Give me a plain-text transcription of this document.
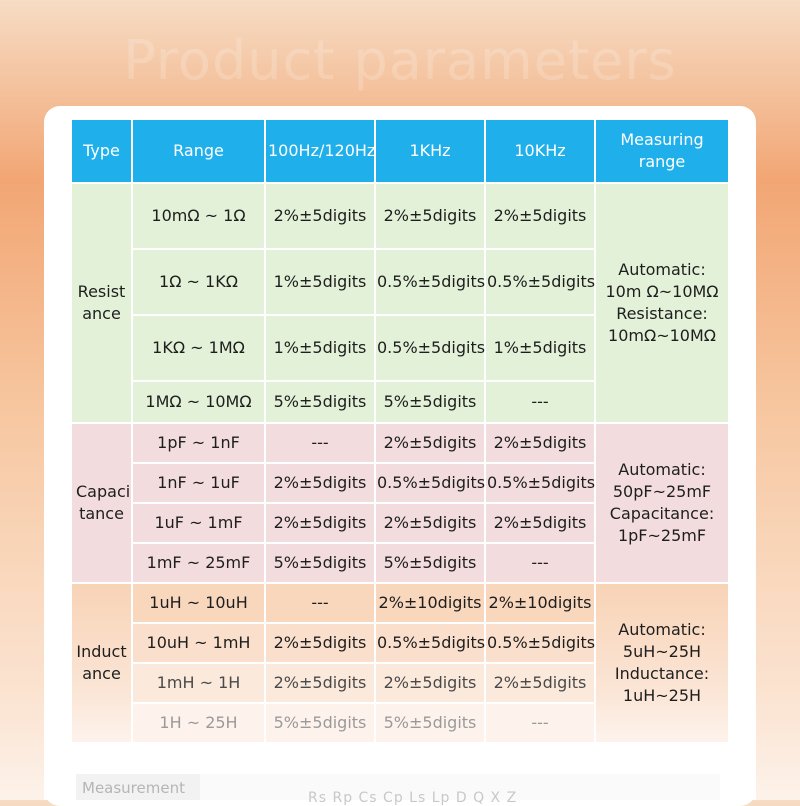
Product parameters
Type	Range	100Hz/120Hz	1KHz	10KHz	Measuring range
Resist ance	10mΩ ~ 1Ω	2%±5digits	2%±5digits	2%±5digits	Automatic: 10m Ω~10MΩ Resistance: 10mΩ~10MΩ
	1Ω ~ 1KΩ	1%±5digits	0.5%±5digits	0.5%±5digits	
	1KΩ ~ 1MΩ	1%±5digits	0.5%±5digits	1%±5digits	
	1MΩ ~ 10MΩ	5%±5digits	5%±5digits	---	
Capaci tance	1pF ~ 1nF	---	2%±5digits	2%±5digits	Automatic: 50pF~25mF Capacitance: 1pF~25mF
	1nF ~ 1uF	2%±5digits	0.5%±5digits	0.5%±5digits	
	1uF ~ 1mF	2%±5digits	2%±5digits	2%±5digits	
	1mF ~ 25mF	5%±5digits	5%±5digits	---	
Induct ance	1uH ~ 10uH	---	2%±10digits	2%±10digits	Automatic: 5uH~25H Inductance: 1uH~25H
	10uH ~ 1mH	2%±5digits	0.5%±5digits	0.5%±5digits	
	1mH ~ 1H	2%±5digits	2%±5digits	2%±5digits	
	1H ~ 25H	5%±5digits	5%±5digits	---	
Measurement
Rs Rp Cs Cp Ls Lp D Q X Z
